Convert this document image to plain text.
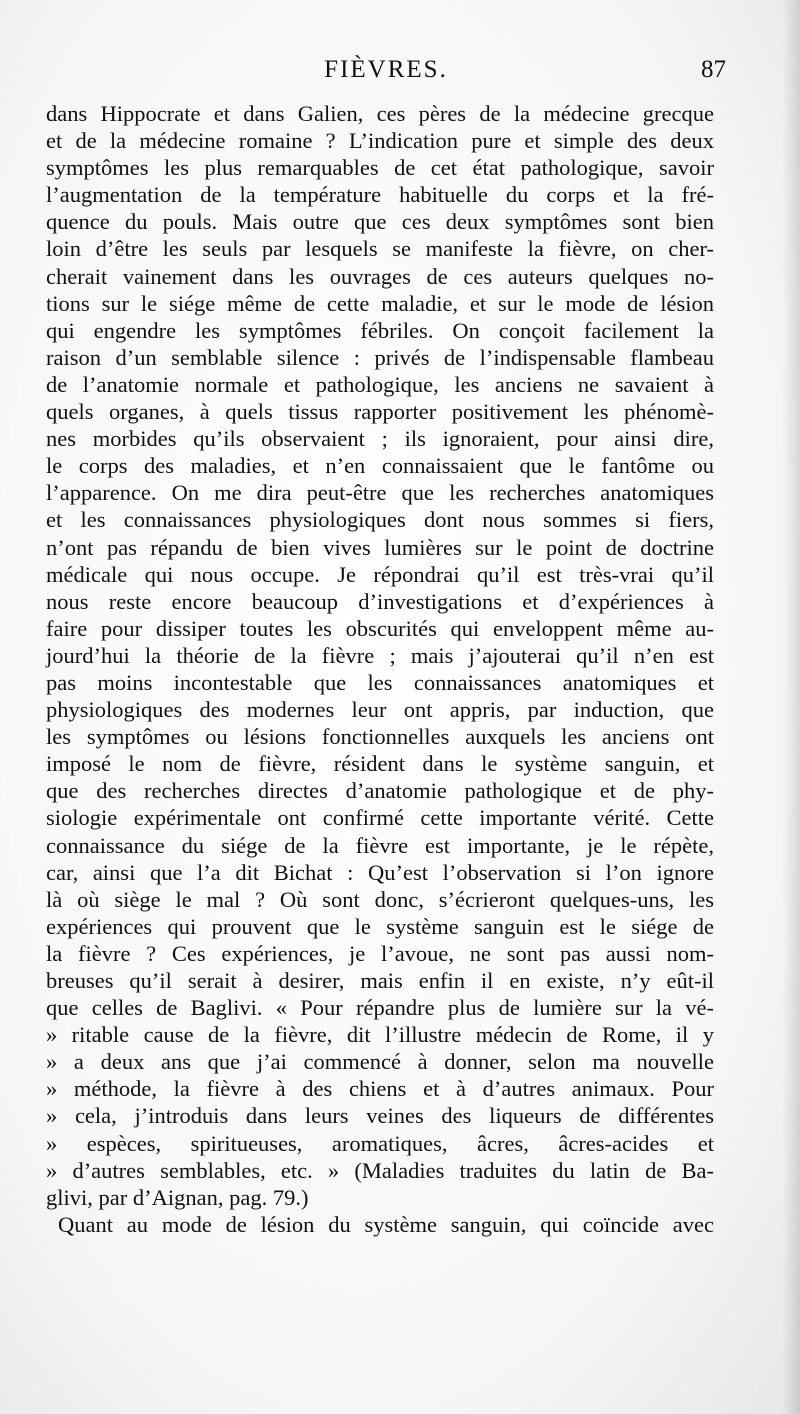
FIÈVRES.	87
dans Hippocrate et dans Galien, ces pères de la médecine grecque
et de la médecine romaine ? L’indication pure et simple des deux
symptômes les plus remarquables de cet état pathologique, savoir
l’augmentation de la température habituelle du corps et la fré-
quence du pouls. Mais outre que ces deux symptômes sont bien
loin d’être les seuls par lesquels se manifeste la fièvre, on cher-
cherait vainement dans les ouvrages de ces auteurs quelques no-
tions sur le siége même de cette maladie, et sur le mode de lésion
qui engendre les symptômes fébriles. On conçoit facilement la
raison d’un semblable silence : privés de l’indispensable flambeau
de l’anatomie normale et pathologique, les anciens ne savaient à
quels organes, à quels tissus rapporter positivement les phénomè-
nes morbides qu’ils observaient ; ils ignoraient, pour ainsi dire,
le corps des maladies, et n’en connaissaient que le fantôme ou
l’apparence. On me dira peut-être que les recherches anatomiques
et les connaissances physiologiques dont nous sommes si fiers,
n’ont pas répandu de bien vives lumières sur le point de doctrine
médicale qui nous occupe. Je répondrai qu’il est très-vrai qu’il
nous reste encore beaucoup d’investigations et d’expériences à
faire pour dissiper toutes les obscurités qui enveloppent même au-
jourd’hui la théorie de la fièvre ; mais j’ajouterai qu’il n’en est
pas moins incontestable que les connaissances anatomiques et
physiologiques des modernes leur ont appris, par induction, que
les symptômes ou lésions fonctionnelles auxquels les anciens ont
imposé le nom de fièvre, résident dans le système sanguin, et
que des recherches directes d’anatomie pathologique et de phy-
siologie expérimentale ont confirmé cette importante vérité. Cette
connaissance du siége de la fièvre est importante, je le répète,
car, ainsi que l’a dit Bichat : Qu’est l’observation si l’on ignore
là où siège le mal ? Où sont donc, s’écrieront quelques-uns, les
expériences qui prouvent que le système sanguin est le siége de
la fièvre ? Ces expériences, je l’avoue, ne sont pas aussi nom-
breuses qu’il serait à desirer, mais enfin il en existe, n’y eût-il
que celles de Baglivi. « Pour répandre plus de lumière sur la vé-
» ritable cause de la fièvre, dit l’illustre médecin de Rome, il y
» a deux ans que j’ai commencé à donner, selon ma nouvelle
» méthode, la fièvre à des chiens et à d’autres animaux. Pour
» cela, j’introduis dans leurs veines des liqueurs de différentes
» espèces, spiritueuses, aromatiques, âcres, âcres-acides et
» d’autres semblables, etc. » (Maladies traduites du latin de Ba-
glivi, par d’Aignan, pag. 79.)
Quant au mode de lésion du système sanguin, qui coïncide avec
